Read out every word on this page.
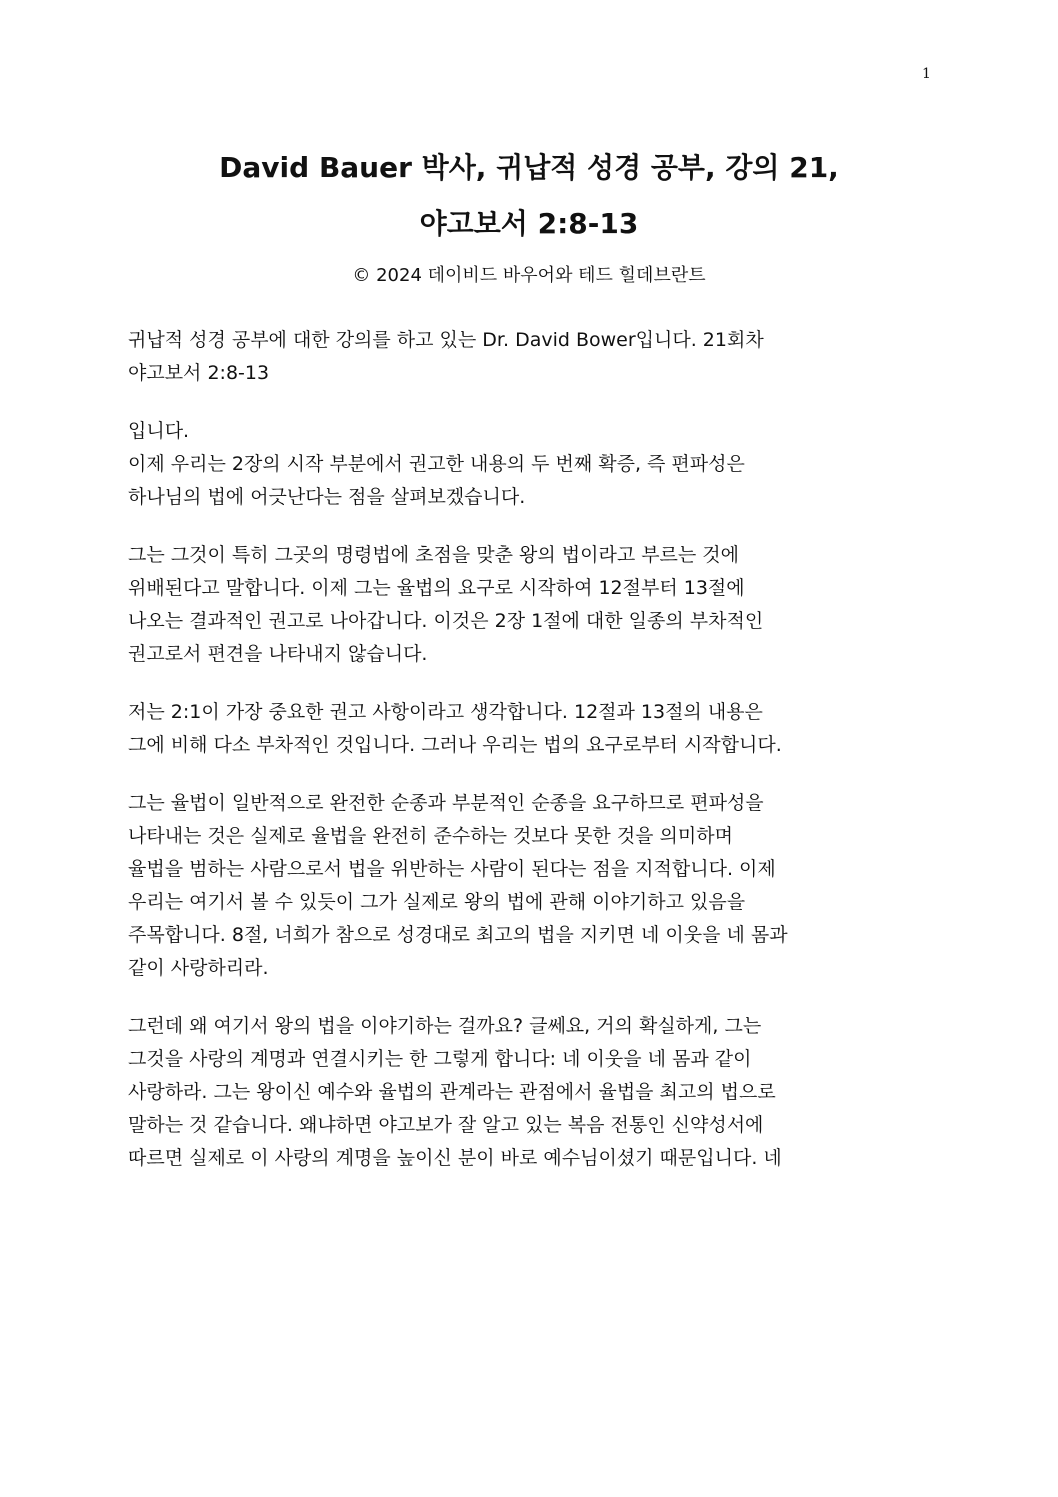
1
David Bauer 박사, 귀납적 성경 공부, 강의 21,
야고보서 2:8-13
© 2024 데이비드 바우어와 테드 힐데브란트
귀납적 성경 공부에 대한 강의를 하고 있는 Dr. David Bower입니다. 21회차
야고보서 2:8-13
입니다.
이제 우리는 2장의 시작 부분에서 권고한 내용의 두 번째 확증, 즉 편파성은
하나님의 법에 어긋난다는 점을 살펴보겠습니다.
그는 그것이 특히 그곳의 명령법에 초점을 맞춘 왕의 법이라고 부르는 것에
위배된다고 말합니다. 이제 그는 율법의 요구로 시작하여 12절부터 13절에
나오는 결과적인 권고로 나아갑니다. 이것은 2장 1절에 대한 일종의 부차적인
권고로서 편견을 나타내지 않습니다.
저는 2:1이 가장 중요한 권고 사항이라고 생각합니다. 12절과 13절의 내용은
그에 비해 다소 부차적인 것입니다. 그러나 우리는 법의 요구로부터 시작합니다.
그는 율법이 일반적으로 완전한 순종과 부분적인 순종을 요구하므로 편파성을
나타내는 것은 실제로 율법을 완전히 준수하는 것보다 못한 것을 의미하며
율법을 범하는 사람으로서 법을 위반하는 사람이 된다는 점을 지적합니다. 이제
우리는 여기서 볼 수 있듯이 그가 실제로 왕의 법에 관해 이야기하고 있음을
주목합니다. 8절, 너희가 참으로 성경대로 최고의 법을 지키면 네 이웃을 네 몸과
같이 사랑하리라.
그런데 왜 여기서 왕의 법을 이야기하는 걸까요? 글쎄요, 거의 확실하게, 그는
그것을 사랑의 계명과 연결시키는 한 그렇게 합니다: 네 이웃을 네 몸과 같이
사랑하라. 그는 왕이신 예수와 율법의 관계라는 관점에서 율법을 최고의 법으로
말하는 것 같습니다. 왜냐하면 야고보가 잘 알고 있는 복음 전통인 신약성서에
따르면 실제로 이 사랑의 계명을 높이신 분이 바로 예수님이셨기 때문입니다. 네
